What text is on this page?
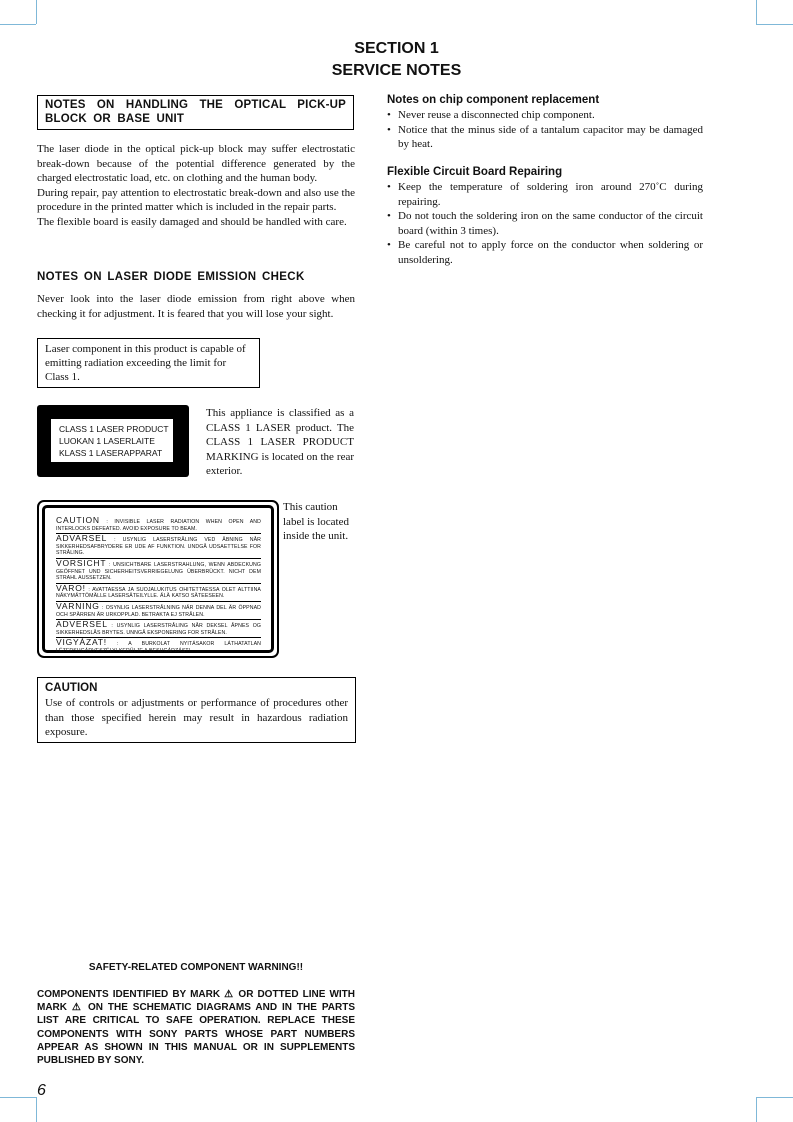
SECTION 1
SERVICE NOTES
NOTES ON HANDLING THE OPTICAL PICK-UP BLOCK OR BASE UNIT
The laser diode in the optical pick-up block may suffer electrostatic break-down because of the potential difference generated by the charged electrostatic load, etc. on clothing and the human body.
During repair, pay attention to electrostatic break-down and also use the procedure in the printed matter which is included in the repair parts.
The flexible board is easily damaged and should be handled with care.
NOTES ON LASER DIODE EMISSION CHECK
Never look into the laser diode emission from right above when checking it for adjustment. It is feared that you will lose your sight.
Laser component in this product is capable of emitting radiation exceeding the limit for Class 1.
CLASS 1 LASER PRODUCT
LUOKAN 1 LASERLAITE
KLASS 1 LASERAPPARAT
This appliance is classified as a CLASS 1 LASER product. The CLASS 1 LASER PRODUCT MARKING is located on the rear exterior.
CAUTION : INVISIBLE LASER RADIATION WHEN OPEN AND INTERLOCKS DEFEATED. AVOID EXPOSURE TO BEAM.
ADVARSEL : USYNLIG LASERSTRÅLING VED ÅBNING NÅR SIKKERHEDSAFBRYDERE ER UDE AF FUNKTION. UNDGÅ UDSAETTELSE FOR STRÅLING.
VORSICHT : UNSICHTBARE LASERSTRAHLUNG, WENN ABDECKUNG GEÖFFNET UND SICHERHEITSVERRIEGELUNG ÜBERBRÜCKT. NICHT DEM STRAHL AUSSETZEN.
VARO! : AVATTAESSA JA SUOJALUKITUS OHITETTAESSA OLET ALTTIINA NÄKYMÄTTÖMÄLLE LASERSÄTEILYLLE. ÄLÄ KATSO SÄTEESEEN.
VARNING : OSYNLIG LASERSTRÅLNING NÄR DENNA DEL ÄR ÖPPNAD OCH SPÄRREN ÄR URKOPPLAD. BETRAKTA EJ STRÅLEN.
ADVERSEL : USYNLIG LASERSTRÅLING NÅR DEKSEL ÅPNES OG SIKKERHEDSLÅS BRYTES. UNNGÅ EKSPONERING FOR STRÅLEN.
VIGYÁZAT! : A BURKOLAT NYITÁSAKOR LÁTHATATLAN LÉZERSUGÁRVESZÉLY! KERÜLJE A BESUGÁRZÁST!
This caution label is located inside the unit.
CAUTION
Use of controls or adjustments or performance of procedures other than those specified herein may result in hazardous radiation exposure.
SAFETY-RELATED COMPONENT WARNING!!
COMPONENTS IDENTIFIED BY MARK ⚠ OR DOTTED LINE WITH MARK ⚠ ON THE SCHEMATIC DIAGRAMS AND IN THE PARTS LIST ARE CRITICAL TO SAFE OPERATION. REPLACE THESE COMPONENTS WITH SONY PARTS WHOSE PART NUMBERS APPEAR AS SHOWN IN THIS MANUAL OR IN SUPPLEMENTS PUBLISHED BY SONY.
6
Notes on chip component replacement
• Never reuse a disconnected chip component.
• Notice that the minus side of a tantalum capacitor may be damaged by heat.
Flexible Circuit Board Repairing
• Keep the temperature of soldering iron around 270˚C during repairing.
• Do not touch the soldering iron on the same conductor of the circuit board (within 3 times).
• Be careful not to apply force on the conductor when soldering or unsoldering.
